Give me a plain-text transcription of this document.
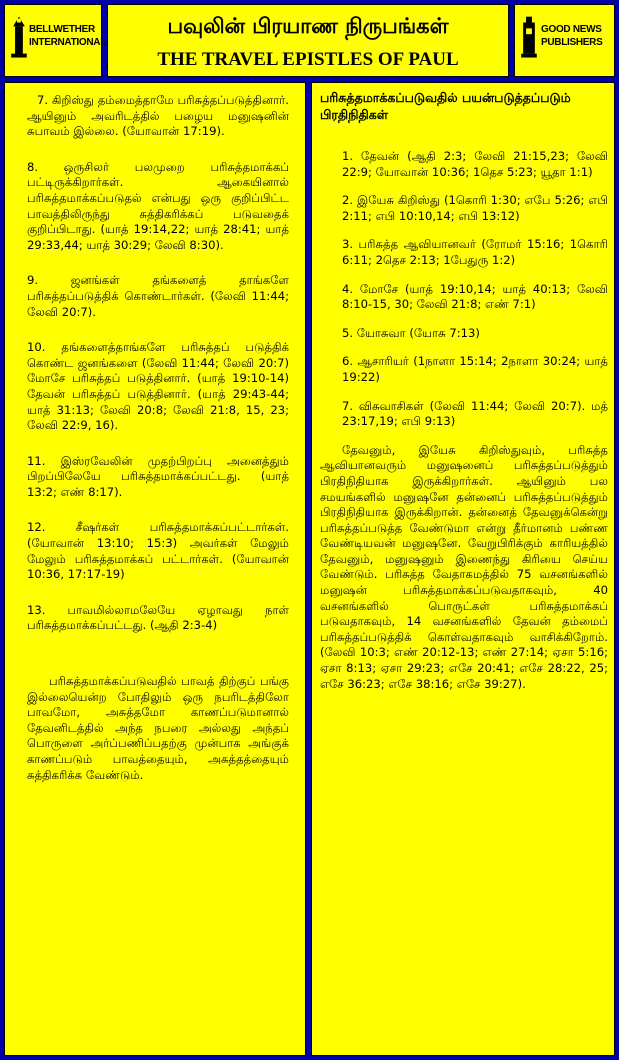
BELLWETHER INTERNATIONAL
பவுலின் பிரயாண நிருபங்கள்
THE TRAVEL EPISTLES OF PAUL
GOOD NEWS PUBLISHERS

7. கிறிஸ்து தம்மைத்தாமே பரிசுத்தப்படுத்தினார். ஆயினும் அவரிடத்தில் பழைய மனுஷனின் சுபாவம் இல்லை. (யோவான் 17:19).

8. ஒருசிலர் பலமுறை பரிசுத்தமாக்கப் பட்டிருக்கிறார்கள். ஆகையினால் பரிசுத்தமாக்கப்படுதல் என்பது ஒரு குறிப்பிட்ட பாவத்திலிருந்து சுத்திகரிக்கப் படுவதைக் குறிப்பிடாது. (யாத் 19:14,22; யாத் 28:41; யாத் 29:33,44; யாத் 30:29; லேவி 8:30).

9. ஜனங்கள் தங்களைத் தாங்களே பரிசுத்தப்படுத்திக் கொண்டார்கள். (லேவி 11:44; லேவி 20:7).

10. தங்களைத்தாங்களே பரிசுத்தப் படுத்திக் கொண்ட ஜனங்களை (லேவி 11:44; லேவி 20:7) மோசே பரிசுத்தப் படுத்தினார். (யாத் 19:10-14) தேவன் பரிசுத்தப் படுத்தினார். (யாத் 29:43-44; யாத் 31:13; லேவி 20:8; லேவி 21:8, 15, 23; லேவி 22:9, 16).

11. இஸ்ரவேலின் முதற்பிறப்பு அனைத்தும் பிறப்பிலேயே பரிசுத்தமாக்கப்பட்டது. (யாத் 13:2; எண் 8:17).

12. சீஷர்கள் பரிசுத்தமாக்கப்பட்டார்கள். (யோவான் 13:10; 15:3) அவர்கள் மேலும் மேலும் பரிசுத்தமாக்கப் பட்டார்கள். (யோவான் 10:36, 17:17-19)

13. பாவமில்லாமலேயே ஏழாவது நாள் பரிசுத்தமாக்கப்பட்டது. (ஆதி 2:3-4)

பரிசுத்தமாக்கப்படுவதில் பாவத் திற்குப் பங்கு இல்லையென்ற போதிலும் ஒரு நபரிடத்திலோ பாவமோ, அசுத்தமோ காணப்படுமானால் தேவனிடத்தில் அந்த நபரை அல்லது அந்தப் பொருளை அர்ப்பணிப்பதற்கு முன்பாக அங்குக் காணப்படும் பாவத்தையும், அசுத்தத்தையும் சுத்திகரிக்க வேண்டும்.

பரிசுத்தமாக்கப்படுவதில் பயன்படுத்தப்படும் பிரதிநிதிகள்

1. தேவன் (ஆதி 2:3; லேவி 21:15,23; லேவி 22:9; யோவான் 10:36; 1தெச 5:23; யூதா 1:1)

2. இயேசு கிறிஸ்து (1கொரி 1:30; எபே 5:26; எபி 2:11; எபி 10:10,14; எபி 13:12)

3. பரிசுத்த ஆவியானவர் (ரோமர் 15:16; 1கொரி 6:11; 2தெச 2:13; 1பேதுரு 1:2)

4. மோசே (யாத் 19:10,14; யாத் 40:13; லேவி 8:10-15, 30; லேவி 21:8; எண் 7:1)

5. யோசுவா (யோசு 7:13)

6. ஆசாரியர் (1நாளா 15:14; 2நாளா 30:24; யாத் 19:22)

7. விசுவாசிகள் (லேவி 11:44; லேவி 20:7). மத் 23:17,19; எபி 9:13)

தேவனும், இயேசு கிறிஸ்துவும், பரிசுத்த ஆவியானவரும் மனுஷனைப் பரிசுத்தப்படுத்தும் பிரதிநிதியாக இருக்கிறார்கள். ஆயினும் பல சமயங்களில் மனுஷனே தன்னைப் பரிசுத்தப்படுத்தும் பிரதிநிதியாக இருக்கிறான். தன்னைத் தேவனுக்கென்று பரிசுத்தப்படுத்த வேண்டுமா என்று தீர்மானம் பண்ண வேண்டியவன் மனுஷனே. வேறுபிரிக்கும் காரியத்தில் தேவனும், மனுஷனும் இணைந்து கிரியை செய்ய வேண்டும். பரிசுத்த வேதாகமத்தில் 75 வசனங்களில் மனுஷன் பரிசுத்தமாக்கப்படுவதாகவும், 40 வசனங்களில் பொருட்கள் பரிசுத்தமாக்கப் படுவதாகவும், 14 வசனங்களில் தேவன் தம்மைப் பரிசுத்தப்படுத்திக் கொள்வதாகவும் வாசிக்கிறோம். (லேவி 10:3; எண் 20:12-13; எண் 27:14; ஏசா 5:16; ஏசா 8:13; ஏசா 29:23; எசே 20:41; எசே 28:22, 25; எசே 36:23; எசே 38:16; எசே 39:27).
